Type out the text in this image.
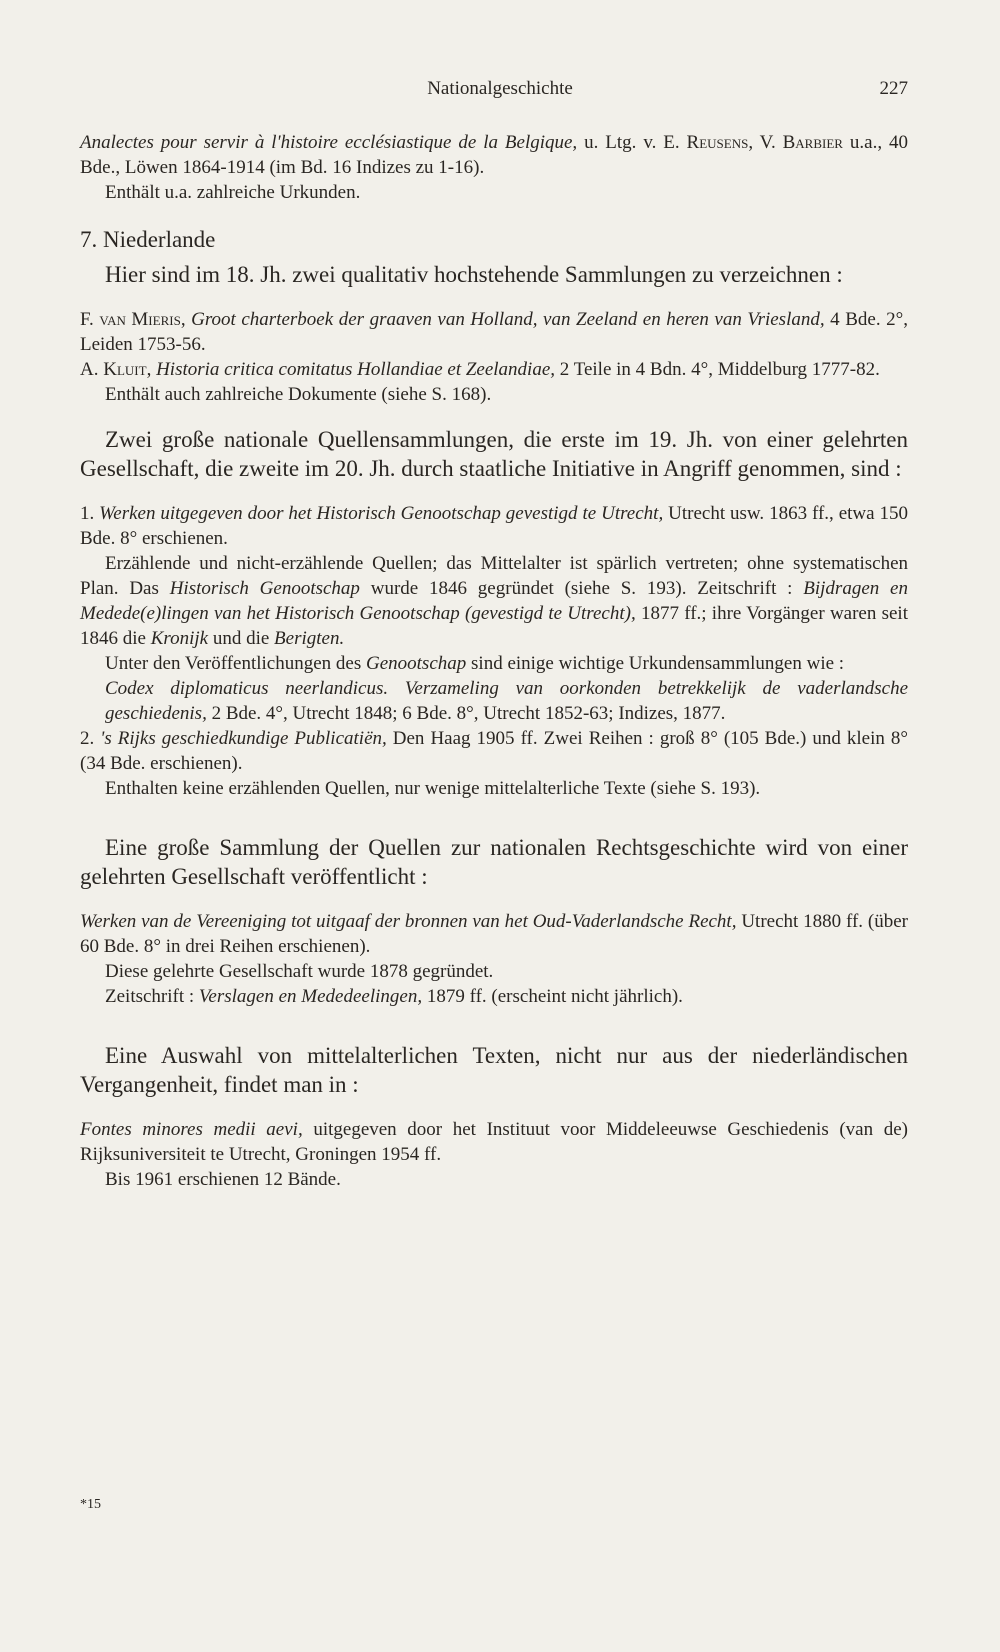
Nationalgeschichte	227

Analectes pour servir à l'histoire ecclésiastique de la Belgique, u. Ltg. v. E. Reusens, V. Barbier u.a., 40 Bde., Löwen 1864-1914 (im Bd. 16 Indizes zu 1-16).

Enthält u.a. zahlreiche Urkunden.

7. Niederlande

Hier sind im 18. Jh. zwei qualitativ hochstehende Sammlungen zu verzeichnen :

F. van Mieris, Groot charterboek der graaven van Holland, van Zeeland en heren van Vriesland, 4 Bde. 2°, Leiden 1753-56.

A. Kluit, Historia critica comitatus Hollandiae et Zeelandiae, 2 Teile in 4 Bdn. 4°, Middelburg 1777-82.

Enthält auch zahlreiche Dokumente (siehe S. 168).

Zwei große nationale Quellensammlungen, die erste im 19. Jh. von einer gelehrten Gesellschaft, die zweite im 20. Jh. durch staatliche Initiative in Angriff genommen, sind :

1. Werken uitgegeven door het Historisch Genootschap gevestigd te Utrecht, Utrecht usw. 1863 ff., etwa 150 Bde. 8° erschienen.

Erzählende und nicht-erzählende Quellen; das Mittelalter ist spärlich vertreten; ohne systematischen Plan. Das Historisch Genootschap wurde 1846 gegründet (siehe S. 193). Zeitschrift : Bijdragen en Medede(e)lingen van het Historisch Genootschap (gevestigd te Utrecht), 1877 ff.; ihre Vorgänger waren seit 1846 die Kronijk und die Berigten.

Unter den Veröffentlichungen des Genootschap sind einige wichtige Urkundensammlungen wie :

Codex diplomaticus neerlandicus. Verzameling van oorkonden betrekkelijk de vaderlandsche geschiedenis, 2 Bde. 4°, Utrecht 1848; 6 Bde. 8°, Utrecht 1852-63; Indizes, 1877.

2. 's Rijks geschiedkundige Publicatiën, Den Haag 1905 ff. Zwei Reihen : groß 8° (105 Bde.) und klein 8° (34 Bde. erschienen).

Enthalten keine erzählenden Quellen, nur wenige mittelalterliche Texte (siehe S. 193).

Eine große Sammlung der Quellen zur nationalen Rechtsgeschichte wird von einer gelehrten Gesellschaft veröffentlicht :

Werken van de Vereeniging tot uitgaaf der bronnen van het Oud-Vaderlandsche Recht, Utrecht 1880 ff. (über 60 Bde. 8° in drei Reihen erschienen).

Diese gelehrte Gesellschaft wurde 1878 gegründet.

Zeitschrift : Verslagen en Mededeelingen, 1879 ff. (erscheint nicht jährlich).

Eine Auswahl von mittelalterlichen Texten, nicht nur aus der niederländischen Vergangenheit, findet man in :

Fontes minores medii aevi, uitgegeven door het Instituut voor Middeleeuwse Geschiedenis (van de) Rijksuniversiteit te Utrecht, Groningen 1954 ff.

Bis 1961 erschienen 12 Bände.

*15
